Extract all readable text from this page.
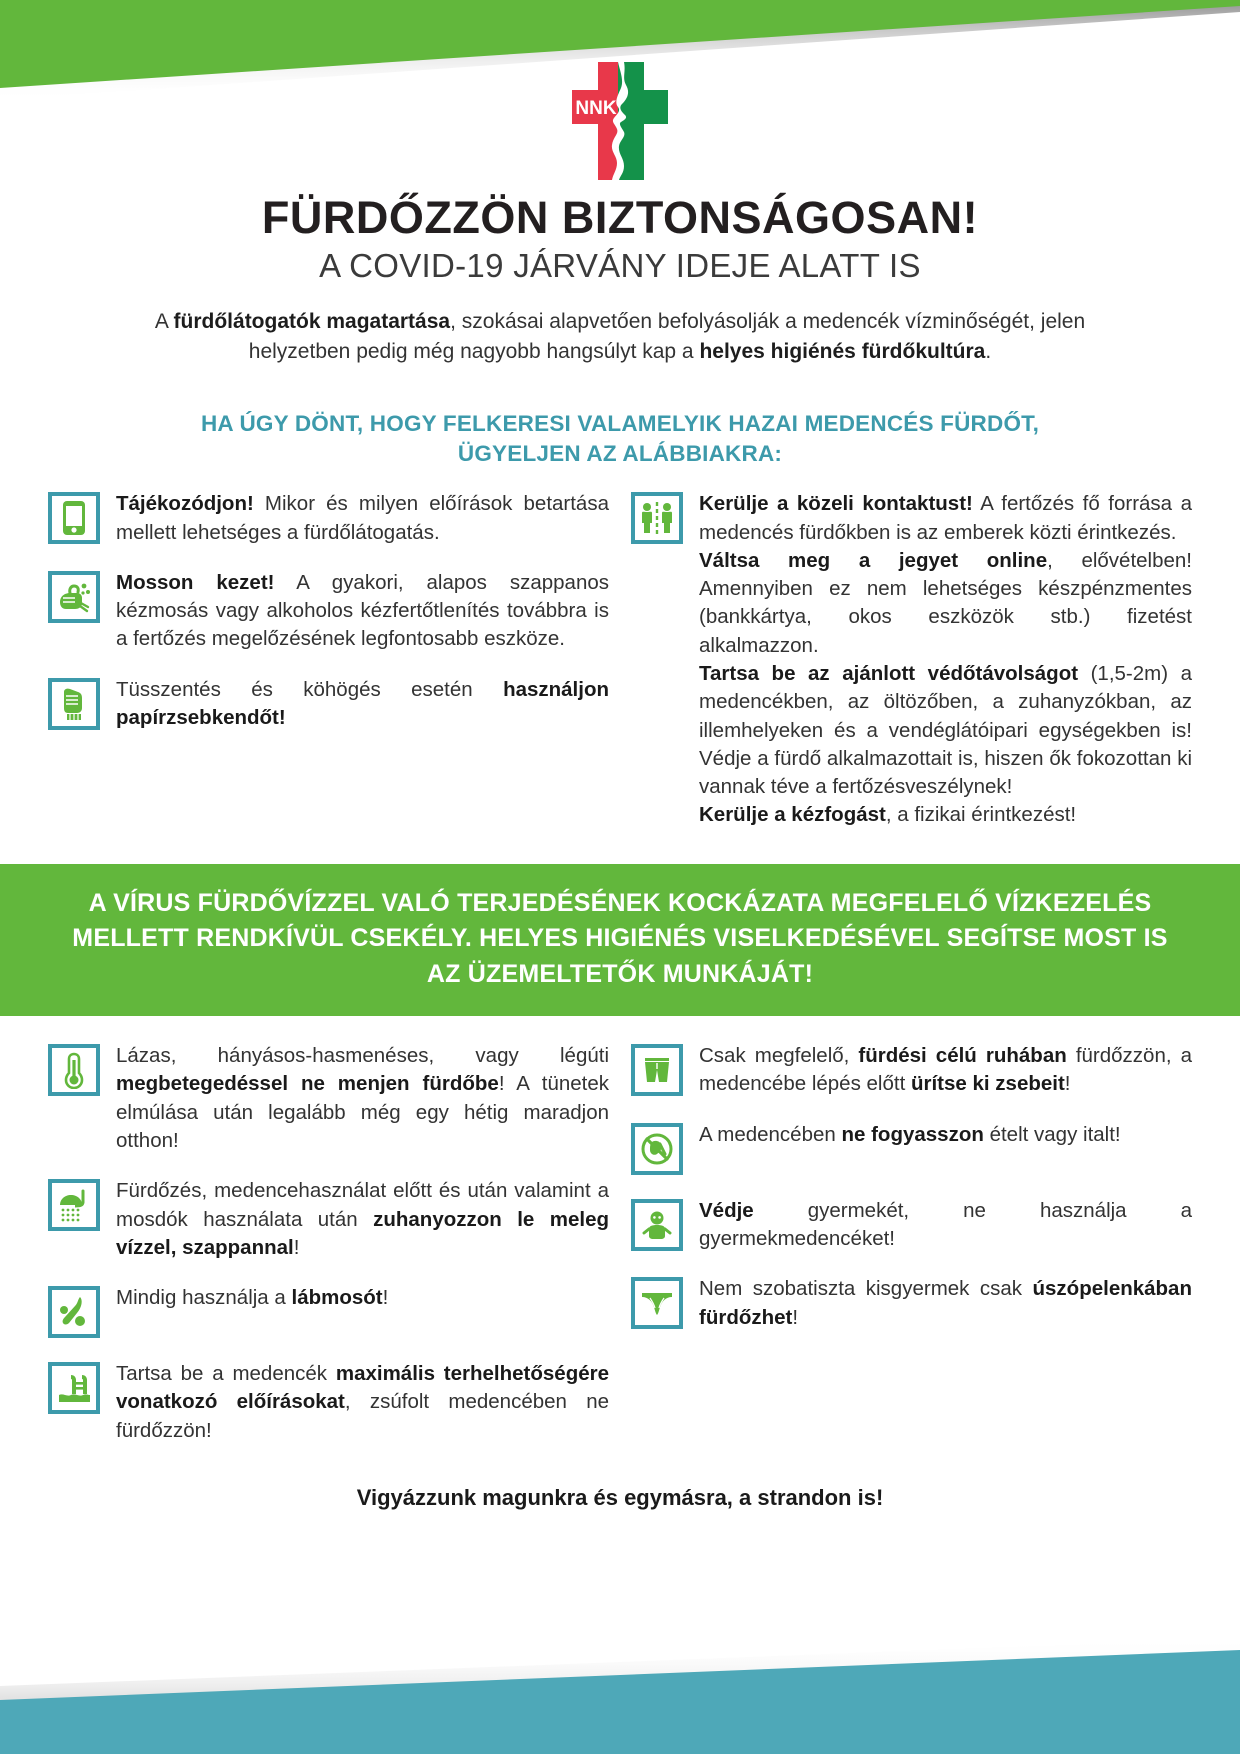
NNK
FÜRDŐZZÖN BIZTONSÁGOSAN!
A COVID-19 JÁRVÁNY IDEJE ALATT IS

A fürdőlátogatók magatartása, szokásai alapvetően befolyásolják a medencék vízminőségét, jelen helyzetben pedig még nagyobb hangsúlyt kap a helyes higiénés fürdőkultúra.

HA ÚGY DÖNT, HOGY FELKERESI VALAMELYIK HAZAI MEDENCÉS FÜRDŐT,
ÜGYELJEN AZ ALÁBBIAKRA:
Tájékozódjon! Mikor és milyen előírások betartása mellett lehetséges a fürdőlátogatás.
Mosson kezet! A gyakori, alapos szappanos kézmosás vagy alkoholos kézfertőtlenítés továbbra is a fertőzés megelőzésének legfontosabb eszköze.
Tüsszentés és köhögés esetén használjon papírzsebkendőt!
Kerülje a közeli kontaktust! A fertőzés fő forrása a medencés fürdőkben is az emberek közti érintkezés.
Váltsa meg a jegyet online, elővételben! Amennyiben ez nem lehetséges készpénzmentes (bankkártya, okos eszközök stb.) fizetést alkalmazzon.
Tartsa be az ajánlott védőtávolságot (1,5-2m) a medencékben, az öltözőben, a zuhanyzókban, az illemhelyeken és a vendéglátóipari egységekben is! Védje a fürdő alkalmazottait is, hiszen ők fokozottan ki vannak téve a fertőzésveszélynek!
Kerülje a kézfogást, a fizikai érintkezést!
A VÍRUS FÜRDŐVÍZZEL VALÓ TERJEDÉSÉNEK KOCKÁZATA MEGFELELŐ VÍZKEZELÉS
MELLETT RENDKÍVÜL CSEKÉLY. HELYES HIGIÉNÉS VISELKEDÉSÉVEL SEGÍTSE MOST IS
AZ ÜZEMELTETŐK MUNKÁJÁT!
Lázas, hányásos-hasmenéses, vagy légúti megbetegedéssel ne menjen fürdőbe! A tünetek elmúlása után legalább még egy hétig maradjon otthon!
Fürdőzés, medencehasználat előtt és után valamint a mosdók használata után zuhanyozzon le meleg vízzel, szappannal!
Mindig használja a lábmosót!
Tartsa be a medencék maximális terhelhetőségére vonatkozó előírásokat, zsúfolt medencében ne fürdőzzön!
Csak megfelelő, fürdési célú ruhában fürdőzzön, a medencébe lépés előtt ürítse ki zsebeit!
A medencében ne fogyasszon ételt vagy italt!
Védje gyermekét, ne használja a gyermekmedencéket!
Nem szobatiszta kisgyermek csak úszópelenkában fürdőzhet!
Vigyázzunk magunkra és egymásra, a strandon is!
